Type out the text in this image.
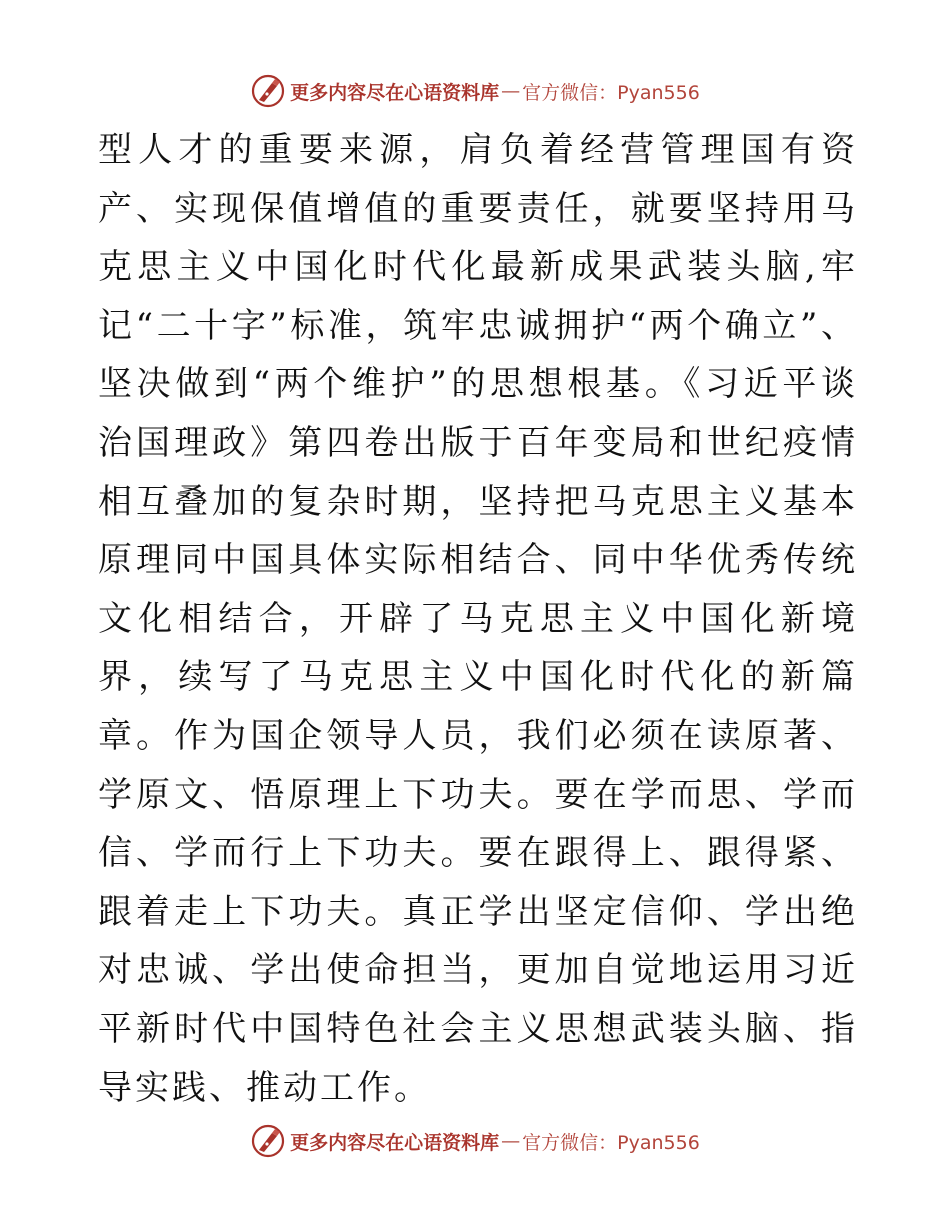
更多内容尽在心语资料库 — 官方微信：Pyan556

型人才的重要来源，肩负着经营管理国有资产、实现保值增值的重要责任，就要坚持用马克思主义中国化时代化最新成果武装头脑,牢记“二十字”标准，筑牢忠诚拥护“两个确立”、坚决做到“两个维护”的思想根基。《习近平谈治国理政》第四卷出版于百年变局和世纪疫情相互叠加的复杂时期，坚持把马克思主义基本原理同中国具体实际相结合、同中华优秀传统文化相结合，开辟了马克思主义中国化新境界，续写了马克思主义中国化时代化的新篇章。作为国企领导人员，我们必须在读原著、学原文、悟原理上下功夫。要在学而思、学而信、学而行上下功夫。要在跟得上、跟得紧、跟着走上下功夫。真正学出坚定信仰、学出绝对忠诚、学出使命担当，更加自觉地运用习近平新时代中国特色社会主义思想武装头脑、指导实践、推动工作。

更多内容尽在心语资料库 — 官方微信：Pyan556
